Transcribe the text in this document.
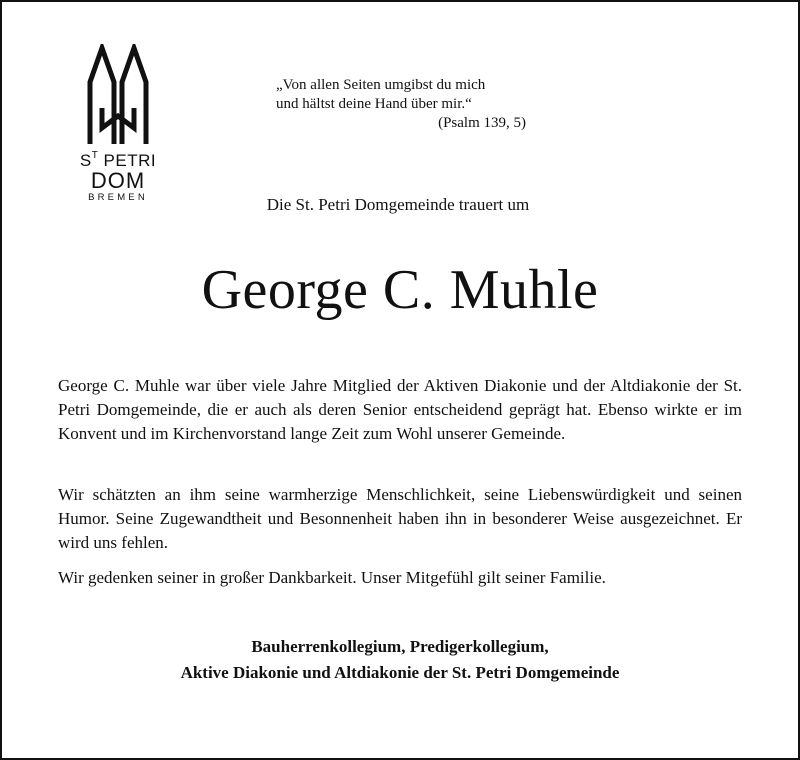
$S^T$ PETRI
DOM
BREMEN
„Von allen Seiten umgibst du mich
und hältst deine Hand über mir.“
(Psalm 139, 5)
Die St. Petri Domgemeinde trauert um
George C. Muhle

George C. Muhle war über viele Jahre Mitglied der Aktiven Diakonie und der Altdiakonie der St. Petri Domgemeinde, die er auch als deren Senior entscheidend geprägt hat. Ebenso wirkte er im Konvent und im Kirchenvorstand lange Zeit zum Wohl unserer Gemeinde.

Wir schätzten an ihm seine warmherzige Menschlichkeit, seine Liebenswürdigkeit und seinen Humor. Seine Zugewandtheit und Besonnenheit haben ihn in besonderer Weise ausgezeichnet. Er wird uns fehlen.

Wir gedenken seiner in großer Dankbarkeit. Unser Mitgefühl gilt seiner Familie.

Bauherrenkollegium, Predigerkollegium,
Aktive Diakonie und Altdiakonie der St. Petri Domgemeinde
